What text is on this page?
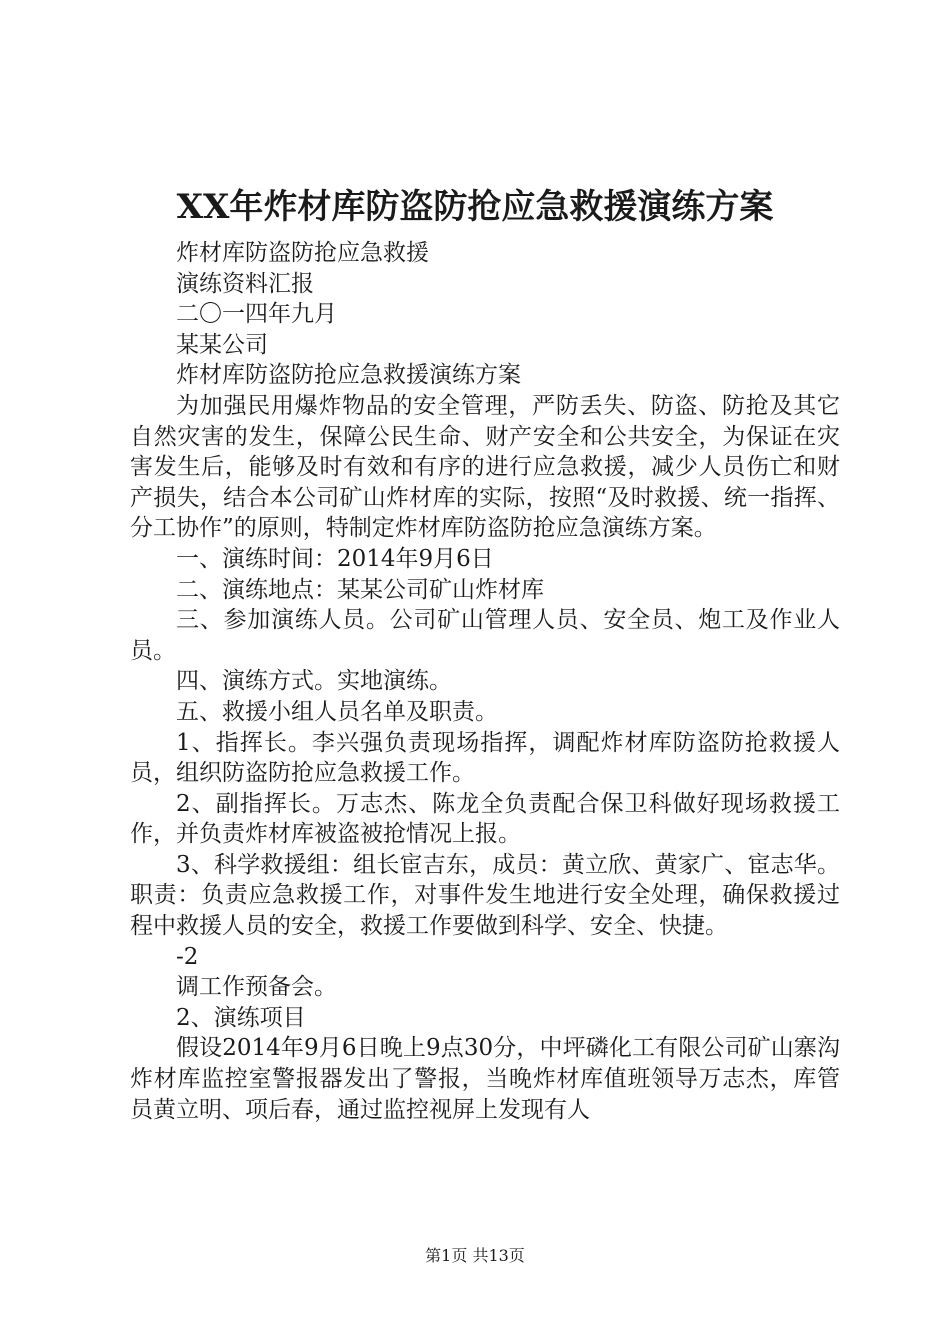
XX年炸材库防盗防抢应急救援演练方案

炸材库防盗防抢应急救援

演练资料汇报

二〇一四年九月

某某公司

炸材库防盗防抢应急救援演练方案

为加强民用爆炸物品的安全管理，严防丢失、防盗、防抢及其它自然灾害的发生，保障公民生命、财产安全和公共安全，为保证在灾害发生后，能够及时有效和有序的进行应急救援，减少人员伤亡和财产损失，结合本公司矿山炸材库的实际，按照“及时救援、统一指挥、分工协作”的原则，特制定炸材库防盗防抢应急演练方案。

一、演练时间：2014年9月6日

二、演练地点：某某公司矿山炸材库

三、参加演练人员。公司矿山管理人员、安全员、炮工及作业人员。

四、演练方式。实地演练。

五、救援小组人员名单及职责。

1、指挥长。李兴强负责现场指挥，调配炸材库防盗防抢救援人员，组织防盗防抢应急救援工作。

2、副指挥长。万志杰、陈龙全负责配合保卫科做好现场救援工作，并负责炸材库被盗被抢情况上报。

3、科学救援组：组长宦吉东，成员：黄立欣、黄家广、宦志华。职责：负责应急救援工作，对事件发生地进行安全处理，确保救援过程中救援人员的安全，救援工作要做到科学、安全、快捷。

-2

调工作预备会。

2、演练项目

假设2014年9月6日晚上9点30分，中坪磷化工有限公司矿山寨沟炸材库监控室警报器发出了警报，当晚炸材库值班领导万志杰，库管员黄立明、项后春，通过监控视屏上发现有人

第1页 共13页
